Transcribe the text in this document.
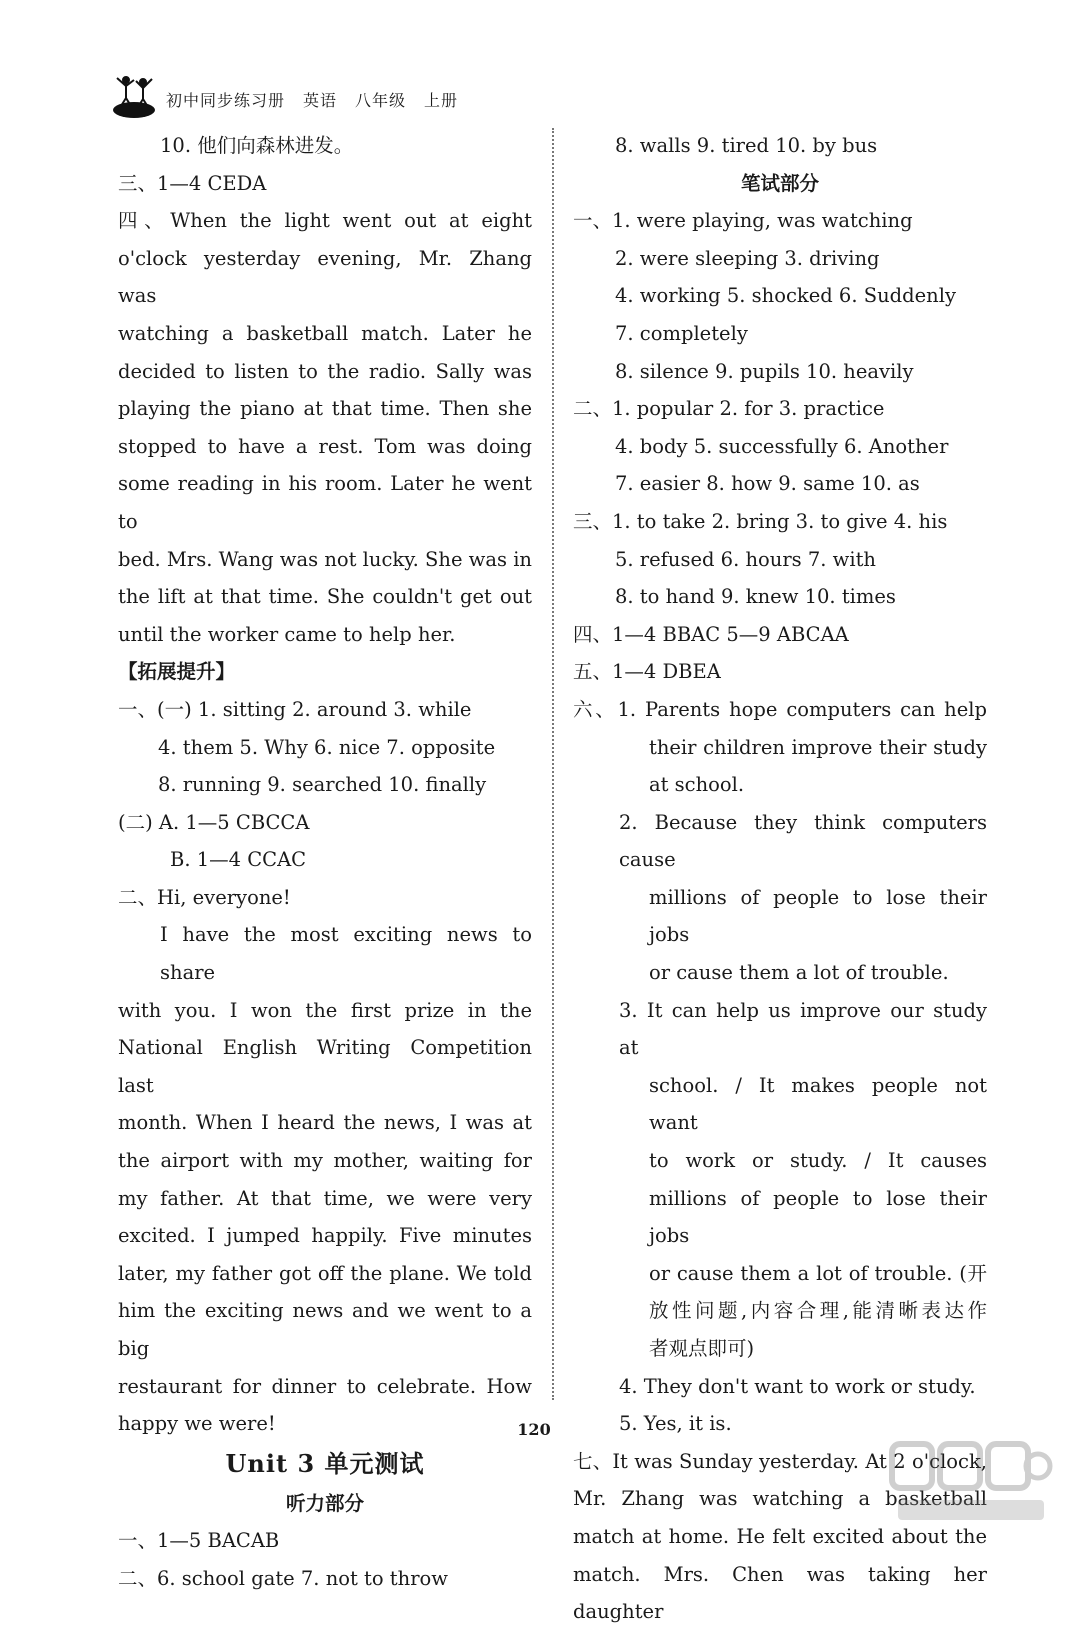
初中同步练习册 英语 八年级 上册

10. 他们向森林进发。

三、1—4 CEDA

四、When the light went out at eight

o'clock yesterday evening, Mr. Zhang was

watching a basketball match. Later he

decided to listen to the radio. Sally was

playing the piano at that time. Then she

stopped to have a rest. Tom was doing

some reading in his room. Later he went to

bed. Mrs. Wang was not lucky. She was in

the lift at that time. She couldn't get out

until the worker came to help her.

【拓展提升】

一、(一) 1. sitting 2. around 3. while

4. them 5. Why 6. nice 7. opposite

8. running 9. searched 10. finally

(二) A. 1—5 CBCCA

B. 1—4 CCAC

二、Hi, everyone!

I have the most exciting news to share

with you. I won the first prize in the

National English Writing Competition last

month. When I heard the news, I was at

the airport with my mother, waiting for

my father. At that time, we were very

excited. I jumped happily. Five minutes

later, my father got off the plane. We told

him the exciting news and we went to a big

restaurant for dinner to celebrate. How

happy we were!

Unit 3 单元测试

听力部分

一、1—5 BACAB

二、6. school gate 7. not to throw

8. walls 9. tired 10. by bus

笔试部分

一、1. were playing, was watching

2. were sleeping 3. driving

4. working 5. shocked 6. Suddenly

7. completely

8. silence 9. pupils 10. heavily

二、1. popular 2. for 3. practice

4. body 5. successfully 6. Another

7. easier 8. how 9. same 10. as

三、1. to take 2. bring 3. to give 4. his

5. refused 6. hours 7. with

8. to hand 9. knew 10. times

四、1—4 BBAC 5—9 ABCAA

五、1—4 DBEA

六、1. Parents hope computers can help

their children improve their study

at school.

2. Because they think computers cause

millions of people to lose their jobs

or cause them a lot of trouble.

3. It can help us improve our study at

school. / It makes people not want

to work or study. / It causes

millions of people to lose their jobs

or cause them a lot of trouble. (开

放性问题,内容合理,能清晰表达作

者观点即可)

4. They don't want to work or study.

5. Yes, it is.

七、It was Sunday yesterday. At 2 o'clock,

Mr. Zhang was watching a basketball

match at home. He felt excited about the

match. Mrs. Chen was taking her daughter

120
